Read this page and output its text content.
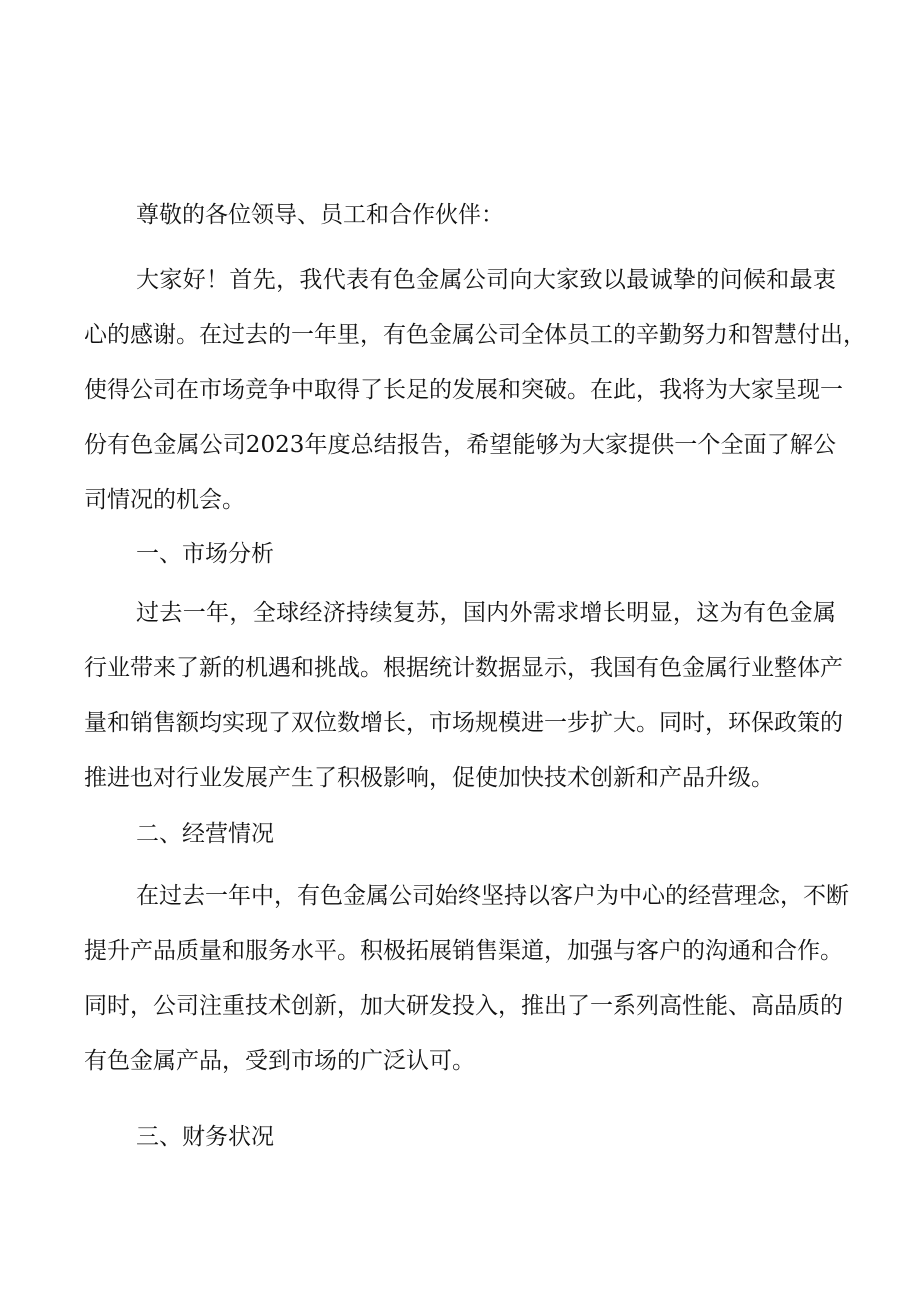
尊敬的各位领导、员工和合作伙伴：
大家好！首先，我代表有色金属公司向大家致以最诚挚的问候和最衷
心的感谢。在过去的一年里，有色金属公司全体员工的辛勤努力和智慧付出，
使得公司在市场竞争中取得了长足的发展和突破。在此，我将为大家呈现一
份有色金属公司2023年度总结报告，希望能够为大家提供一个全面了解公
司情况的机会。
一、市场分析
过去一年，全球经济持续复苏，国内外需求增长明显，这为有色金属
行业带来了新的机遇和挑战。根据统计数据显示，我国有色金属行业整体产
量和销售额均实现了双位数增长，市场规模进一步扩大。同时，环保政策的
推进也对行业发展产生了积极影响，促使加快技术创新和产品升级。
二、经营情况
在过去一年中，有色金属公司始终坚持以客户为中心的经营理念，不断
提升产品质量和服务水平。积极拓展销售渠道，加强与客户的沟通和合作。
同时，公司注重技术创新，加大研发投入，推出了一系列高性能、高品质的
有色金属产品，受到市场的广泛认可。
三、财务状况
